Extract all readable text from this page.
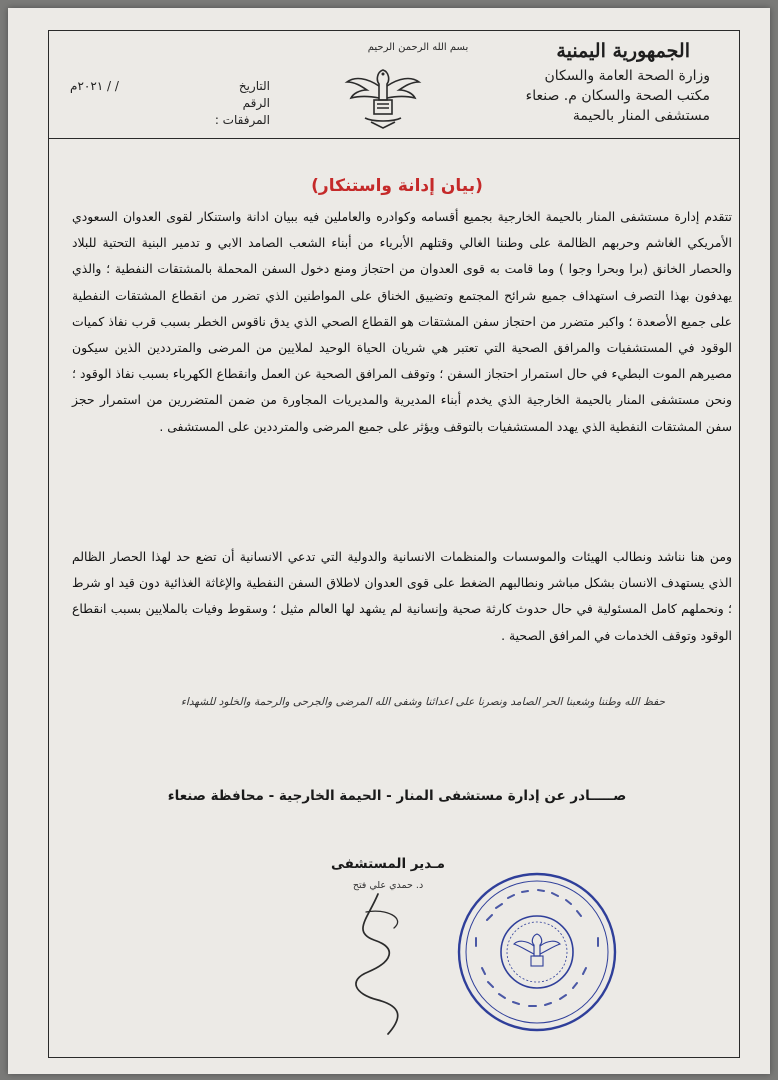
الجمهورية اليمنية
وزارة الصحة العامة والسكان
مكتب الصحة والسكان م. صنعاء
مستشفى المنار بالحيمة
بسم الله الرحمن الرحيم
التاريخ
/ / ٢٠٢١م
الرقم
المرفقات :
(بيان إدانة واستنكار)
تتقدم إدارة مستشفى المنار بالحيمة الخارجية بجميع أقسامه وكوادره والعاملين فيه ببيان ادانة واستنكار لقوى العدوان السعودي الأمريكي الغاشم وحربهم الظالمة على وطننا الغالي وقتلهم الأبرياء من أبناء الشعب الصامد الابي و تدمير البنية التحتية للبلاد والحصار الخانق (برا وبحرا وجوا ) وما قامت به قوى العدوان من احتجاز ومنع دخول السفن المحملة بالمشتقات النفطية ؛ والذي يهدفون بهذا التصرف استهداف جميع شرائح المجتمع وتضييق الخناق على المواطنين الذي تضرر من انقطاع المشتقات النفطية على جميع الأصعدة ؛ واكبر متضرر من احتجاز سفن المشتقات هو القطاع الصحي الذي يدق ناقوس الخطر بسبب قرب نفاذ كميات الوقود في المستشفيات والمرافق الصحية التي تعتبر هي شريان الحياة الوحيد لملايين من المرضى والمترددين الذين سيكون مصيرهم الموت البطيء في حال استمرار احتجاز السفن ؛ وتوقف المرافق الصحية عن العمل وانقطاع الكهرباء بسبب نفاذ الوقود ؛ ونحن مستشفى المنار بالحيمة الخارجية الذي يخدم أبناء المديرية والمديريات المجاورة من ضمن المتضررين من استمرار حجز سفن المشتقات النفطية الذي يهدد المستشفيات بالتوقف ويؤثر على جميع المرضى والمترددين على المستشفى .
ومن هنا نناشد ونطالب الهيئات والموسسات والمنظمات الانسانية والدولية التي تدعي الانسانية أن تضع حد لهذا الحصار الظالم الذي يستهدف الانسان بشكل مباشر ونطالبهم الضغط على قوى العدوان لاطلاق السفن النفطية والإغاثة الغذائية دون قيد او شرط ؛ ونحملهم كامل المسئولية في حال حدوث كارثة صحية وإنسانية لم يشهد لها العالم مثيل ؛ وسقوط وفيات بالملايين بسبب انقطاع الوقود وتوقف الخدمات في المرافق الصحية .
حفظ الله وطننا وشعبنا الحر الصامد ونصرنا على اعدائنا وشفى الله المرضى والجرحى والرحمة والخلود للشهداء
صـــــادر عن إدارة مستشفى المنار - الحيمة الخارجية - محافظة صنعاء
مـدير المستشفى
د. حمدي علي فتح
